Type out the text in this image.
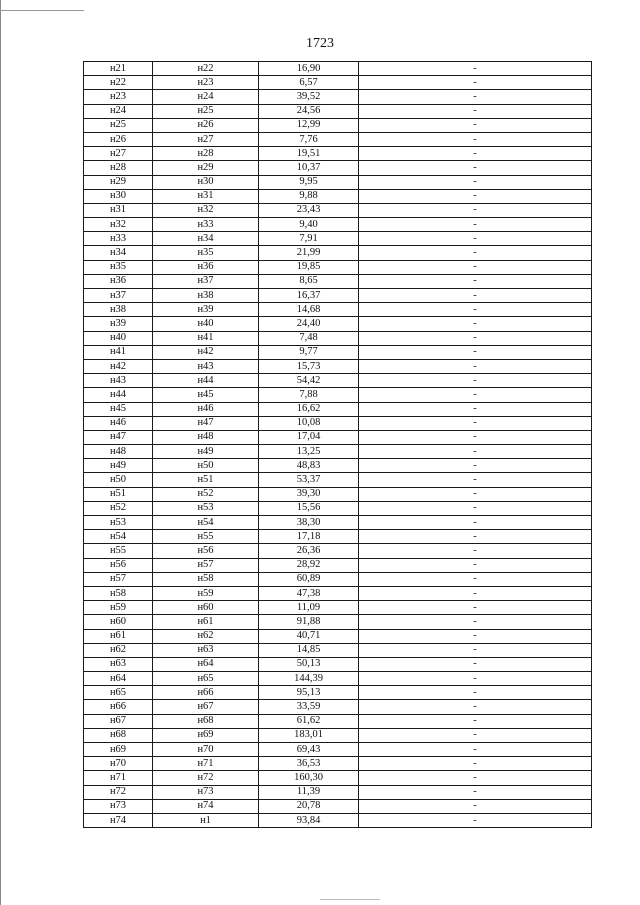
1723
н21	н22	16,90	-
н22	н23	6,57	-
н23	н24	39,52	-
н24	н25	24,56	-
н25	н26	12,99	-
н26	н27	7,76	-
н27	н28	19,51	-
н28	н29	10,37	-
н29	н30	9,95	-
н30	н31	9,88	-
н31	н32	23,43	-
н32	н33	9,40	-
н33	н34	7,91	-
н34	н35	21,99	-
н35	н36	19,85	-
н36	н37	8,65	-
н37	н38	16,37	-
н38	н39	14,68	-
н39	н40	24,40	-
н40	н41	7,48	-
н41	н42	9,77	-
н42	н43	15,73	-
н43	н44	54,42	-
н44	н45	7,88	-
н45	н46	16,62	-
н46	н47	10,08	-
н47	н48	17,04	-
н48	н49	13,25	-
н49	н50	48,83	-
н50	н51	53,37	-
н51	н52	39,30	-
н52	н53	15,56	-
н53	н54	38,30	-
н54	н55	17,18	-
н55	н56	26,36	-
н56	н57	28,92	-
н57	н58	60,89	-
н58	н59	47,38	-
н59	н60	11,09	-
н60	н61	91,88	-
н61	н62	40,71	-
н62	н63	14,85	-
н63	н64	50,13	-
н64	н65	144,39	-
н65	н66	95,13	-
н66	н67	33,59	-
н67	н68	61,62	-
н68	н69	183,01	-
н69	н70	69,43	-
н70	н71	36,53	-
н71	н72	160,30	-
н72	н73	11,39	-
н73	н74	20,78	-
н74	н1	93,84	-
